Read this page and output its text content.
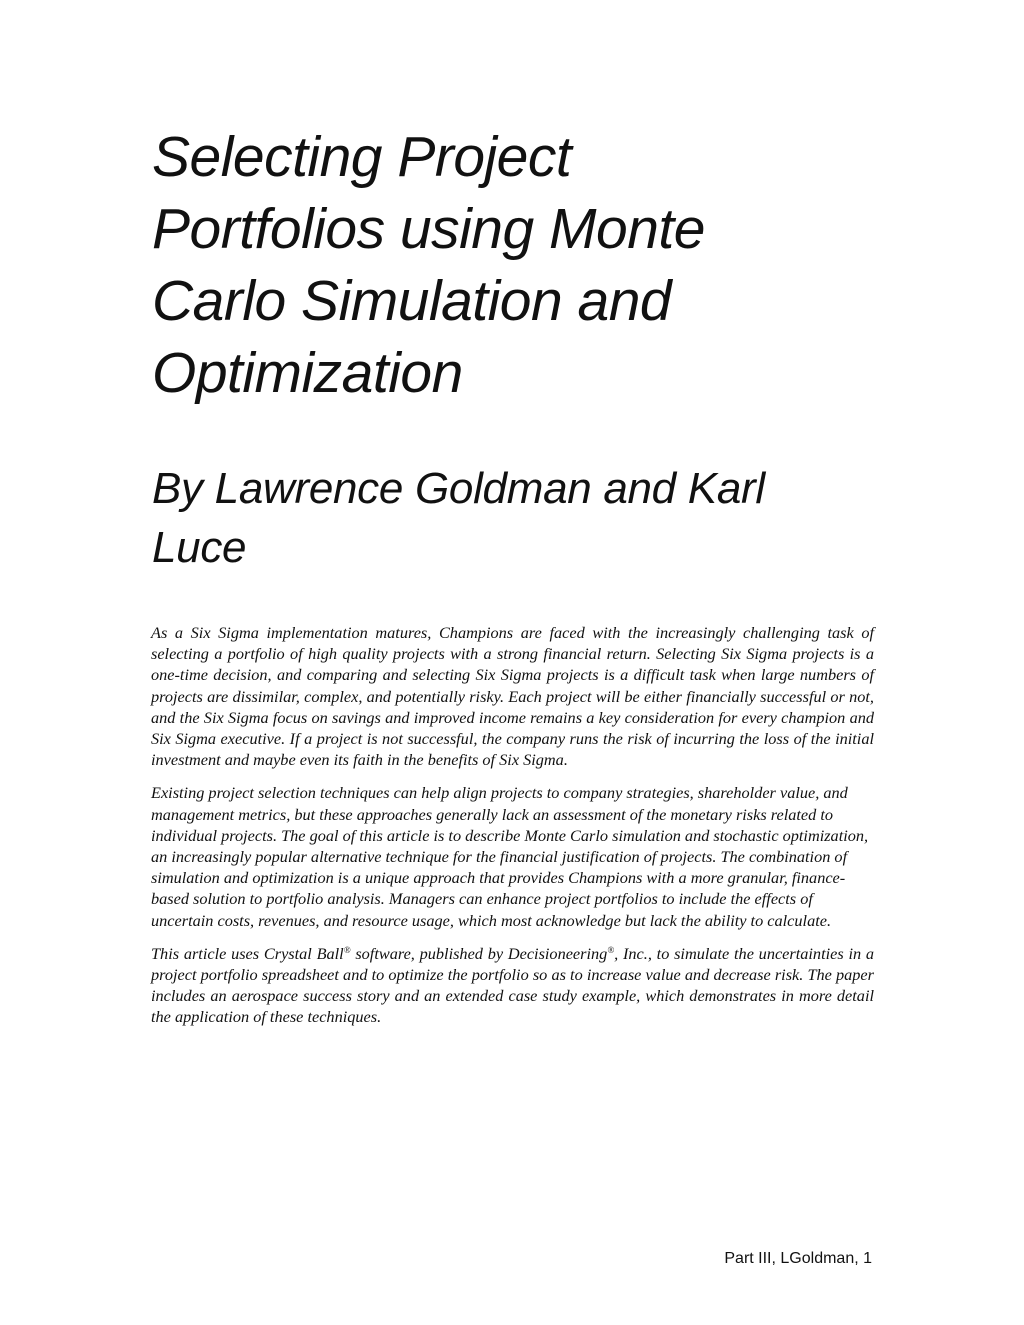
Selecting Project
Portfolios using Monte
Carlo Simulation and
Optimization
By Lawrence Goldman and Karl
Luce

As a Six Sigma implementation matures, Champions are faced with the increasingly challenging task of selecting a portfolio of high quality projects with a strong financial return. Selecting Six Sigma projects is a one-time decision, and comparing and selecting Six Sigma projects is a difficult task when large numbers of projects are dissimilar, complex, and potentially risky. Each project will be either financially successful or not, and the Six Sigma focus on savings and improved income remains a key consideration for every champion and Six Sigma executive. If a project is not successful, the company runs the risk of incurring the loss of the initial investment and maybe even its faith in the benefits of Six Sigma.

Existing project selection techniques can help align projects to company strategies, shareholder value, and management metrics, but these approaches generally lack an assessment of the monetary risks related to individual projects. The goal of this article is to describe Monte Carlo simulation and stochastic optimization, an increasingly popular alternative technique for the financial justification of projects. The combination of simulation and optimization is a unique approach that provides Champions with a more granular, finance-based solution to portfolio analysis. Managers can enhance project portfolios to include the effects of uncertain costs, revenues, and resource usage, which most acknowledge but lack the ability to calculate.

This article uses Crystal Ball® software, published by Decisioneering®, Inc., to simulate the uncertainties in a project portfolio spreadsheet and to optimize the portfolio so as to increase value and decrease risk. The paper includes an aerospace success story and an extended case study example, which demonstrates in more detail the application of these techniques.

Part III, LGoldman, 1
